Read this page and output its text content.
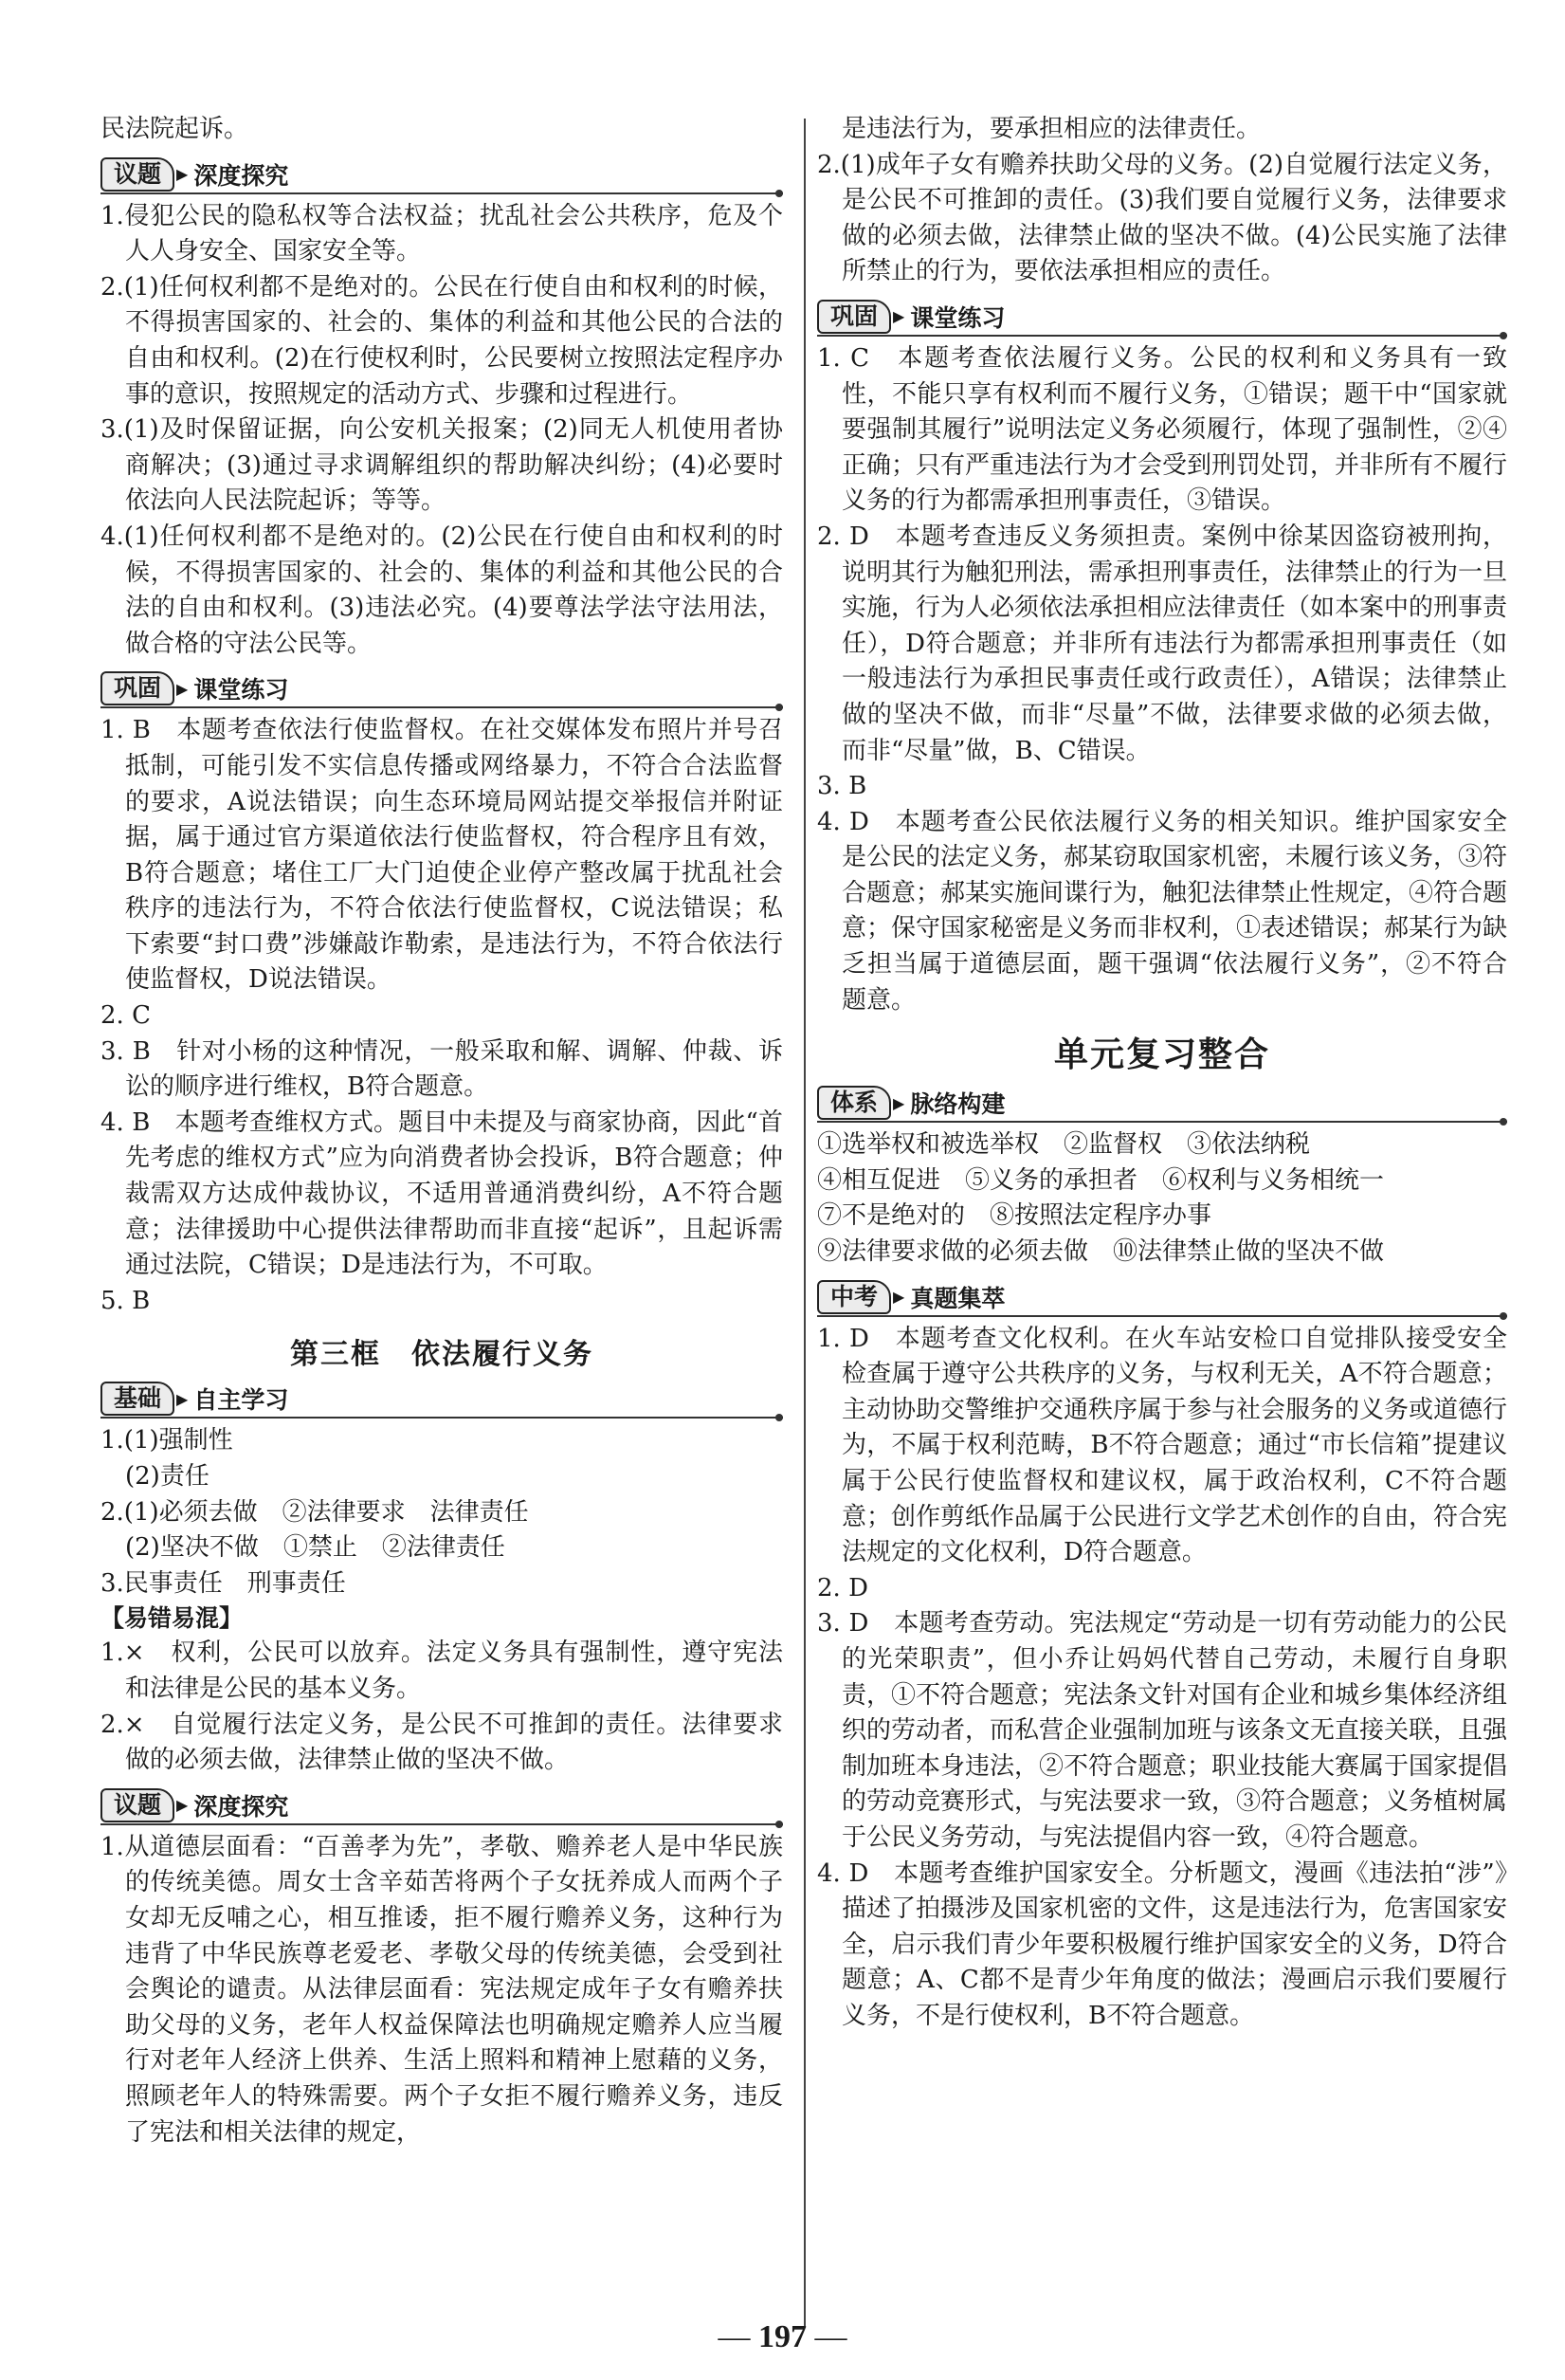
民法院起诉。

议题	▶ 深度探究

1.侵犯公民的隐私权等合法权益；扰乱社会公共秩序，危及个人人身安全、国家安全等。

2.(1)任何权利都不是绝对的。公民在行使自由和权利的时候，不得损害国家的、社会的、集体的利益和其他公民的合法的自由和权利。(2)在行使权利时，公民要树立按照法定程序办事的意识，按照规定的活动方式、步骤和过程进行。

3.(1)及时保留证据，向公安机关报案；(2)同无人机使用者协商解决；(3)通过寻求调解组织的帮助解决纠纷；(4)必要时依法向人民法院起诉；等等。

4.(1)任何权利都不是绝对的。(2)公民在行使自由和权利的时候，不得损害国家的、社会的、集体的利益和其他公民的合法的自由和权利。(3)违法必究。(4)要尊法学法守法用法，做合格的守法公民等。

巩固	▶ 课堂练习

1. B　本题考查依法行使监督权。在社交媒体发布照片并号召抵制，可能引发不实信息传播或网络暴力，不符合合法监督的要求，A说法错误；向生态环境局网站提交举报信并附证据，属于通过官方渠道依法行使监督权，符合程序且有效，B符合题意；堵住工厂大门迫使企业停产整改属于扰乱社会秩序的违法行为，不符合依法行使监督权，C说法错误；私下索要“封口费”涉嫌敲诈勒索，是违法行为，不符合依法行使监督权，D说法错误。

2. C

3. B　针对小杨的这种情况，一般采取和解、调解、仲裁、诉讼的顺序进行维权，B符合题意。

4. B　本题考查维权方式。题目中未提及与商家协商，因此“首先考虑的维权方式”应为向消费者协会投诉，B符合题意；仲裁需双方达成仲裁协议，不适用普通消费纠纷，A不符合题意；法律援助中心提供法律帮助而非直接“起诉”，且起诉需通过法院，C错误；D是违法行为，不可取。

5. B

第三框　依法履行义务
基础	▶ 自主学习

1.(1)强制性

(2)责任

2.(1)必须去做　②法律要求　法律责任

(2)坚决不做　①禁止　②法律责任

3.民事责任　刑事责任

【易错易混】

1.×　权利，公民可以放弃。法定义务具有强制性，遵守宪法和法律是公民的基本义务。

2.×　自觉履行法定义务，是公民不可推卸的责任。法律要求做的必须去做，法律禁止做的坚决不做。

议题	▶ 深度探究

1.从道德层面看：“百善孝为先”，孝敬、赡养老人是中华民族的传统美德。周女士含辛茹苦将两个子女抚养成人而两个子女却无反哺之心，相互推诿，拒不履行赡养义务，这种行为违背了中华民族尊老爱老、孝敬父母的传统美德，会受到社会舆论的谴责。从法律层面看：宪法规定成年子女有赡养扶助父母的义务，老年人权益保障法也明确规定赡养人应当履行对老年人经济上供养、生活上照料和精神上慰藉的义务，照顾老年人的特殊需要。两个子女拒不履行赡养义务，违反了宪法和相关法律的规定，

是违法行为，要承担相应的法律责任。

2.(1)成年子女有赡养扶助父母的义务。(2)自觉履行法定义务，是公民不可推卸的责任。(3)我们要自觉履行义务，法律要求做的必须去做，法律禁止做的坚决不做。(4)公民实施了法律所禁止的行为，要依法承担相应的责任。

巩固	▶ 课堂练习

1. C　本题考查依法履行义务。公民的权利和义务具有一致性，不能只享有权利而不履行义务，①错误；题干中“国家就要强制其履行”说明法定义务必须履行，体现了强制性，②④正确；只有严重违法行为才会受到刑罚处罚，并非所有不履行义务的行为都需承担刑事责任，③错误。

2. D　本题考查违反义务须担责。案例中徐某因盗窃被刑拘，说明其行为触犯刑法，需承担刑事责任，法律禁止的行为一旦实施，行为人必须依法承担相应法律责任（如本案中的刑事责任），D符合题意；并非所有违法行为都需承担刑事责任（如一般违法行为承担民事责任或行政责任），A错误；法律禁止做的坚决不做，而非“尽量”不做，法律要求做的必须去做，而非“尽量”做，B、C错误。

3. B

4. D　本题考查公民依法履行义务的相关知识。维护国家安全是公民的法定义务，郝某窃取国家机密，未履行该义务，③符合题意；郝某实施间谍行为，触犯法律禁止性规定，④符合题意；保守国家秘密是义务而非权利，①表述错误；郝某行为缺乏担当属于道德层面，题干强调“依法履行义务”，②不符合题意。

单元复习整合
体系	▶ 脉络构建

①选举权和被选举权　②监督权　③依法纳税

④相互促进　⑤义务的承担者　⑥权利与义务相统一

⑦不是绝对的　⑧按照法定程序办事

⑨法律要求做的必须去做　⑩法律禁止做的坚决不做

中考	▶ 真题集萃

1. D　本题考查文化权利。在火车站安检口自觉排队接受安全检查属于遵守公共秩序的义务，与权利无关，A不符合题意；主动协助交警维护交通秩序属于参与社会服务的义务或道德行为，不属于权利范畴，B不符合题意；通过“市长信箱”提建议属于公民行使监督权和建议权，属于政治权利，C不符合题意；创作剪纸作品属于公民进行文学艺术创作的自由，符合宪法规定的文化权利，D符合题意。

2. D

3. D　本题考查劳动。宪法规定“劳动是一切有劳动能力的公民的光荣职责”，但小乔让妈妈代替自己劳动，未履行自身职责，①不符合题意；宪法条文针对国有企业和城乡集体经济组织的劳动者，而私营企业强制加班与该条文无直接关联，且强制加班本身违法，②不符合题意；职业技能大赛属于国家提倡的劳动竞赛形式，与宪法要求一致，③符合题意；义务植树属于公民义务劳动，与宪法提倡内容一致，④符合题意。

4. D　本题考查维护国家安全。分析题文，漫画《违法拍“涉”》描述了拍摄涉及国家机密的文件，这是违法行为，危害国家安全，启示我们青少年要积极履行维护国家安全的义务，D符合题意；A、C都不是青少年角度的做法；漫画启示我们要履行义务，不是行使权利，B不符合题意。

— 197 —
